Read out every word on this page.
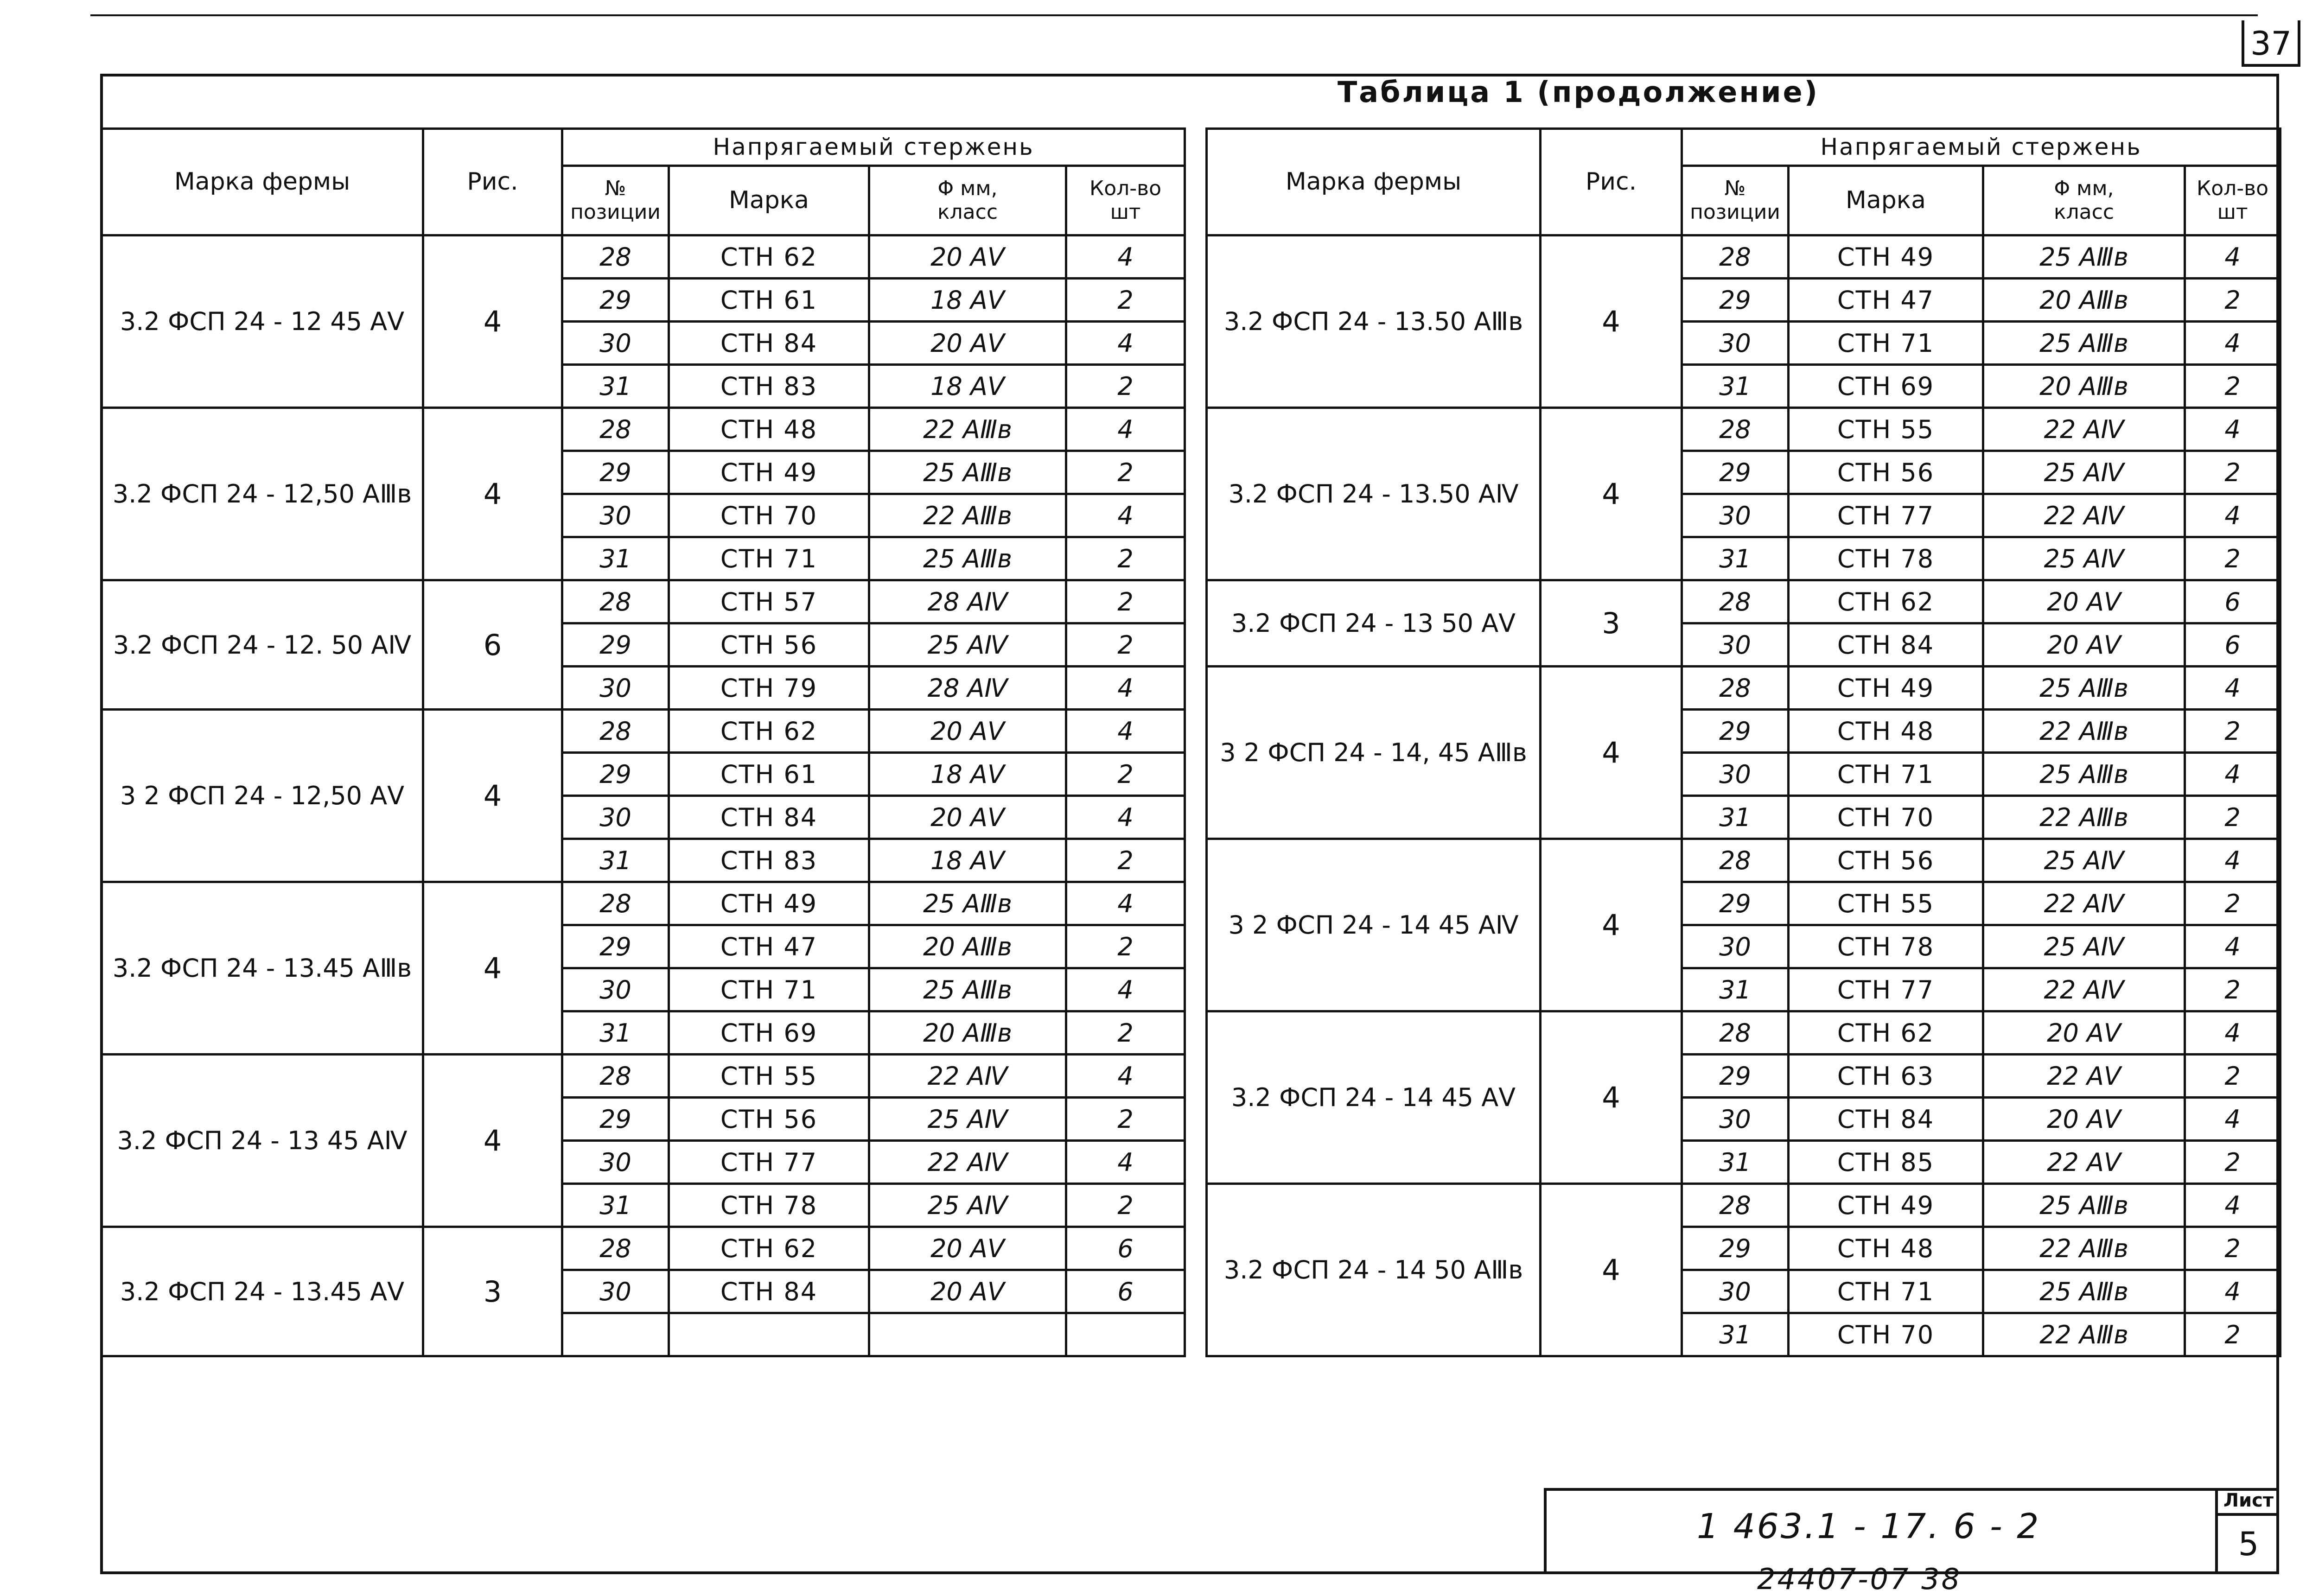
37
Таблица 1 (продолжение)
Марка фермы	Рис.	Напрягаемый стержень			
		№ позиции	Марка	Φ мм, класс	Кол-во шт
3.2 ФСП 24 - 12 45 АⅤ	4	28	СТН 62	20 АⅤ	4
		29	СТН 61	18 АⅤ	2
		30	СТН 84	20 АⅤ	4
		31	СТН 83	18 АⅤ	2
3.2 ФСП 24 - 12,50 АⅢв	4	28	СТН 48	22 АⅢв	4
		29	СТН 49	25 АⅢв	2
		30	СТН 70	22 АⅢв	4
		31	СТН 71	25 АⅢв	2
3.2 ФСП 24 - 12. 50 АⅣ	6	28	СТН 57	28 АⅣ	2
		29	СТН 56	25 АⅣ	2
		30	СТН 79	28 АⅣ	4
3 2 ФСП 24 - 12,50 АⅤ	4	28	СТН 62	20 АⅤ	4
		29	СТН 61	18 АⅤ	2
		30	СТН 84	20 АⅤ	4
		31	СТН 83	18 АⅤ	2
3.2 ФСП 24 - 13.45 АⅢв	4	28	СТН 49	25 АⅢв	4
		29	СТН 47	20 АⅢв	2
		30	СТН 71	25 АⅢв	4
		31	СТН 69	20 АⅢв	2
3.2 ФСП 24 - 13 45 АⅣ	4	28	СТН 55	22 АⅣ	4
		29	СТН 56	25 АⅣ	2
		30	СТН 77	22 АⅣ	4
		31	СТН 78	25 АⅣ	2
3.2 ФСП 24 - 13.45 АⅤ	3	28	СТН 62	20 АⅤ	6
		30	СТН 84	20 АⅤ	6

Марка фермы	Рис.	Напрягаемый стержень			
		№ позиции	Марка	Φ мм, класс	Кол-во шт
3.2 ФСП 24 - 13.50 АⅢв	4	28	СТН 49	25 АⅢв	4
		29	СТН 47	20 АⅢв	2
		30	СТН 71	25 АⅢв	4
		31	СТН 69	20 АⅢв	2
3.2 ФСП 24 - 13.50 АⅣ	4	28	СТН 55	22 АⅣ	4
		29	СТН 56	25 АⅣ	2
		30	СТН 77	22 АⅣ	4
		31	СТН 78	25 АⅣ	2
3.2 ФСП 24 - 13 50 АⅤ	3	28	СТН 62	20 АⅤ	6
		30	СТН 84	20 АⅤ	6
3 2 ФСП 24 - 14, 45 АⅢв	4	28	СТН 49	25 АⅢв	4
		29	СТН 48	22 АⅢв	2
		30	СТН 71	25 АⅢв	4
		31	СТН 70	22 АⅢв	2
3 2 ФСП 24 - 14 45 АⅣ	4	28	СТН 56	25 АⅣ	4
		29	СТН 55	22 АⅣ	2
		30	СТН 78	25 АⅣ	4
		31	СТН 77	22 АⅣ	2
3.2 ФСП 24 - 14 45 АⅤ	4	28	СТН 62	20 АⅤ	4
		29	СТН 63	22 АⅤ	2
		30	СТН 84	20 АⅤ	4
		31	СТН 85	22 АⅤ	2
3.2 ФСП 24 - 14 50 АⅢв	4	28	СТН 49	25 АⅢв	4
		29	СТН 48	22 АⅢв	2
		30	СТН 71	25 АⅢв	4
		31	СТН 70	22 АⅢв	2
1 463.1 - 17. 6 - 2
Лист
5
24407-07 38
